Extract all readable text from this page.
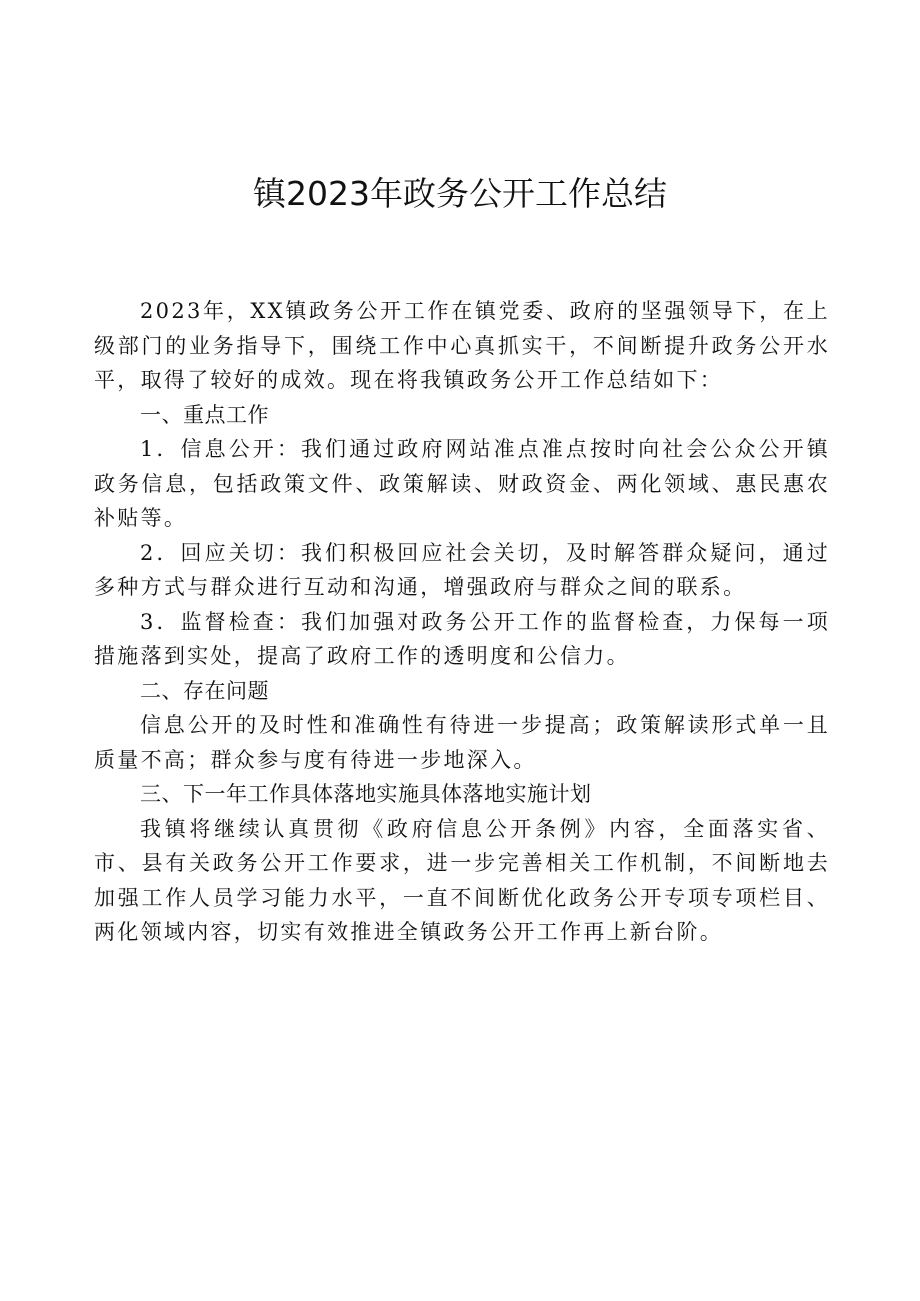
镇2023年政务公开工作总结

2023年，XX镇政务公开工作在镇党委、政府的坚强领导下，在上级部门的业务指导下，围绕工作中心真抓实干，不间断提升政务公开水平，取得了较好的成效。现在将我镇政务公开工作总结如下：

一、重点工作

1．信息公开：我们通过政府网站准点准点按时向社会公众公开镇政务信息，包括政策文件、政策解读、财政资金、两化领域、惠民惠农补贴等。

2．回应关切：我们积极回应社会关切，及时解答群众疑问，通过多种方式与群众进行互动和沟通，增强政府与群众之间的联系。

3．监督检查：我们加强对政务公开工作的监督检查，力保每一项措施落到实处，提高了政府工作的透明度和公信力。

二、存在问题

信息公开的及时性和准确性有待进一步提高；政策解读形式单一且质量不高；群众参与度有待进一步地深入。

三、下一年工作具体落地实施具体落地实施计划

我镇将继续认真贯彻《政府信息公开条例》内容，全面落实省、市、县有关政务公开工作要求，进一步完善相关工作机制，不间断地去加强工作人员学习能力水平，一直不间断优化政务公开专项专项栏目、两化领域内容，切实有效推进全镇政务公开工作再上新台阶。
